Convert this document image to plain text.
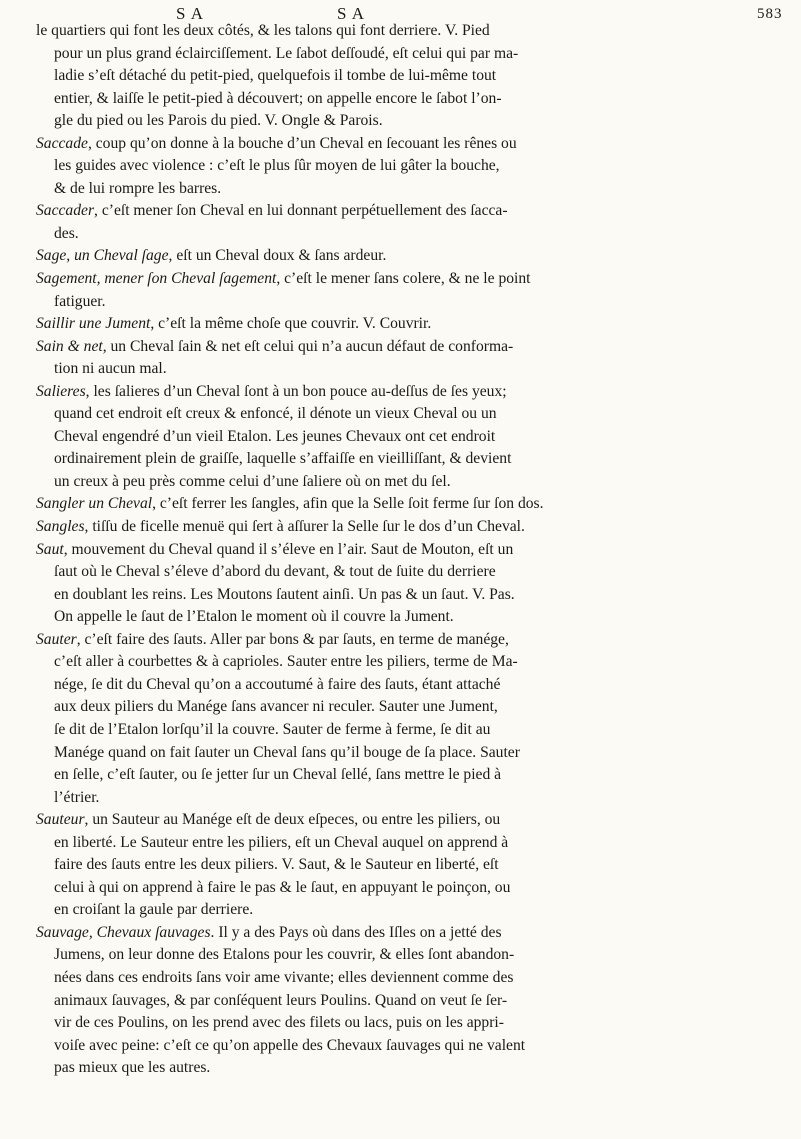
S A	S A	583
le quartiers qui font les deux côtés, & les talons qui font derriere. V. Pied
pour un plus grand éclairciſſement. Le ſabot deſſoudé, eſt celui qui par ma-
ladie s’eſt détaché du petit-pied, quelquefois il tombe de lui-même tout
entier, & laiſſe le petit-pied à découvert; on appelle encore le ſabot l’on-
gle du pied ou les Parois du pied. V. Ongle & Parois.
Saccade, coup qu’on donne à la bouche d’un Cheval en ſecouant les rênes ou
les guides avec violence : c’eſt le plus ſûr moyen de lui gâter la bouche,
& de lui rompre les barres.
Saccader, c’eſt mener ſon Cheval en lui donnant perpétuellement des ſacca-
des.
Sage, un Cheval ſage, eſt un Cheval doux & ſans ardeur.
Sagement, mener ſon Cheval ſagement, c’eſt le mener ſans colere, & ne le point
fatiguer.
Saillir une Jument, c’eſt la même choſe que couvrir. V. Couvrir.
Sain & net, un Cheval ſain & net eſt celui qui n’a aucun défaut de conforma-
tion ni aucun mal.
Salieres, les ſalieres d’un Cheval ſont à un bon pouce au-deſſus de ſes yeux;
quand cet endroit eſt creux & enfoncé, il dénote un vieux Cheval ou un
Cheval engendré d’un vieil Etalon. Les jeunes Chevaux ont cet endroit
ordinairement plein de graiſſe, laquelle s’affaiſſe en vieilliſſant, & devient
un creux à peu près comme celui d’une ſaliere où on met du ſel.
Sangler un Cheval, c’eſt ferrer les ſangles, afin que la Selle ſoit ferme ſur ſon dos.
Sangles, tiſſu de ficelle menuë qui ſert à aſſurer la Selle ſur le dos d’un Cheval.
Saut, mouvement du Cheval quand il s’éleve en l’air. Saut de Mouton, eſt un
ſaut où le Cheval s’éleve d’abord du devant, & tout de ſuite du derriere
en doublant les reins. Les Moutons ſautent ainſi. Un pas & un ſaut. V. Pas.
On appelle le ſaut de l’Etalon le moment où il couvre la Jument.
Sauter, c’eſt faire des ſauts. Aller par bons & par ſauts, en terme de manége,
c’eſt aller à courbettes & à caprioles. Sauter entre les piliers, terme de Ma-
nége, ſe dit du Cheval qu’on a accoutumé à faire des ſauts, étant attaché
aux deux piliers du Manége ſans avancer ni reculer. Sauter une Jument,
ſe dit de l’Etalon lorſqu’il la couvre. Sauter de ferme à ferme, ſe dit au
Manége quand on fait ſauter un Cheval ſans qu’il bouge de ſa place. Sauter
en ſelle, c’eſt ſauter, ou ſe jetter ſur un Cheval ſellé, ſans mettre le pied à
l’étrier.
Sauteur, un Sauteur au Manége eſt de deux eſpeces, ou entre les piliers, ou
en liberté. Le Sauteur entre les piliers, eſt un Cheval auquel on apprend à
faire des ſauts entre les deux piliers. V. Saut, & le Sauteur en liberté, eſt
celui à qui on apprend à faire le pas & le ſaut, en appuyant le poinçon, ou
en croiſant la gaule par derriere.
Sauvage, Chevaux ſauvages. Il y a des Pays où dans des Iſles on a jetté des
Jumens, on leur donne des Etalons pour les couvrir, & elles ſont abandon-
nées dans ces endroits ſans voir ame vivante; elles deviennent comme des
animaux ſauvages, & par conſéquent leurs Poulins. Quand on veut ſe ſer-
vir de ces Poulins, on les prend avec des filets ou lacs, puis on les appri-
voiſe avec peine: c’eſt ce qu’on appelle des Chevaux ſauvages qui ne valent
pas mieux que les autres.
